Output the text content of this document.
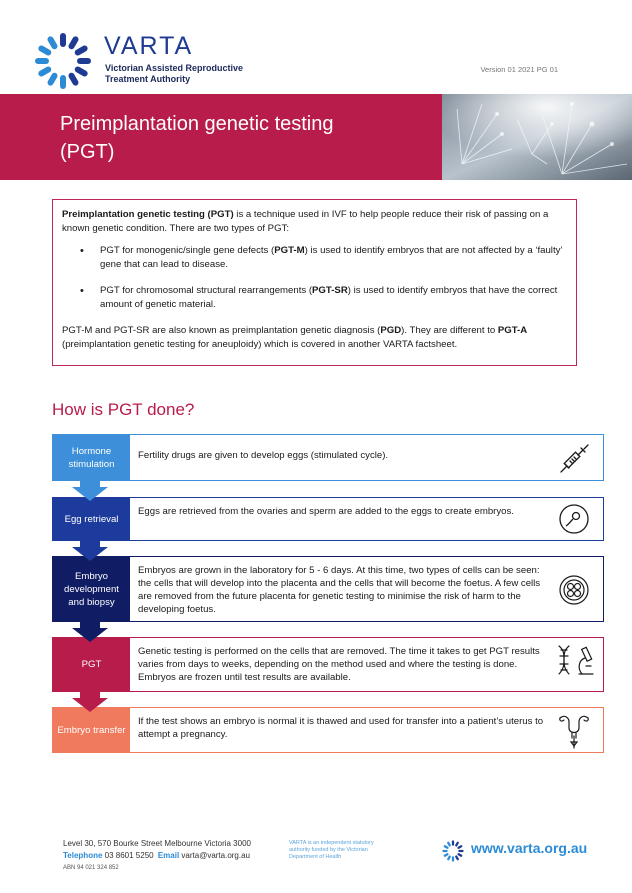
VARTA
Victorian Assisted Reproductive
Treatment Authority
Version 01 2021 PG 01
Preimplantation genetic testing
(PGT)

Preimplantation genetic testing (PGT) is a technique used in IVF to help people reduce their risk of passing on a known genetic condition. There are two types of PGT:

• PGT for monogenic/single gene defects (PGT-M) is used to identify embryos that are not affected by a ‘faulty’ gene that can lead to disease.
• PGT for chromosomal structural rearrangements (PGT-SR) is used to identify embryos that have the correct amount of genetic material.

PGT-M and PGT-SR are also known as preimplantation genetic diagnosis (PGD). They are different to PGT-A (preimplantation genetic testing for aneuploidy) which is covered in another VARTA factsheet.

How is PGT done?
Hormone stimulation
Fertility drugs are given to develop eggs (stimulated cycle).
Egg retrieval
Eggs are retrieved from the ovaries and sperm are added to the eggs to create embryos.
Embryo development and biopsy
Embryos are grown in the laboratory for 5 - 6 days. At this time, two types of cells can be seen: the cells that will develop into the placenta and the cells that will become the foetus. A few cells are removed from the future placenta for genetic testing to minimise the risk of harm to the developing foetus.
PGT
Genetic testing is performed on the cells that are removed. The time it takes to get PGT results varies from days to weeks, depending on the method used and where the testing is done. Embryos are frozen until test results are available.
Embryo transfer
If the test shows an embryo is normal it is thawed and used for transfer into a patient’s uterus to attempt a pregnancy.
Level 30, 570 Bourke Street Melbourne Victoria 3000
Telephone 03 8601 5250 Email varta@varta.org.au
ABN 94 021 324 852
VARTA is an independent statutory
authority funded by the Victorian
Department of Health
www.varta.org.au
